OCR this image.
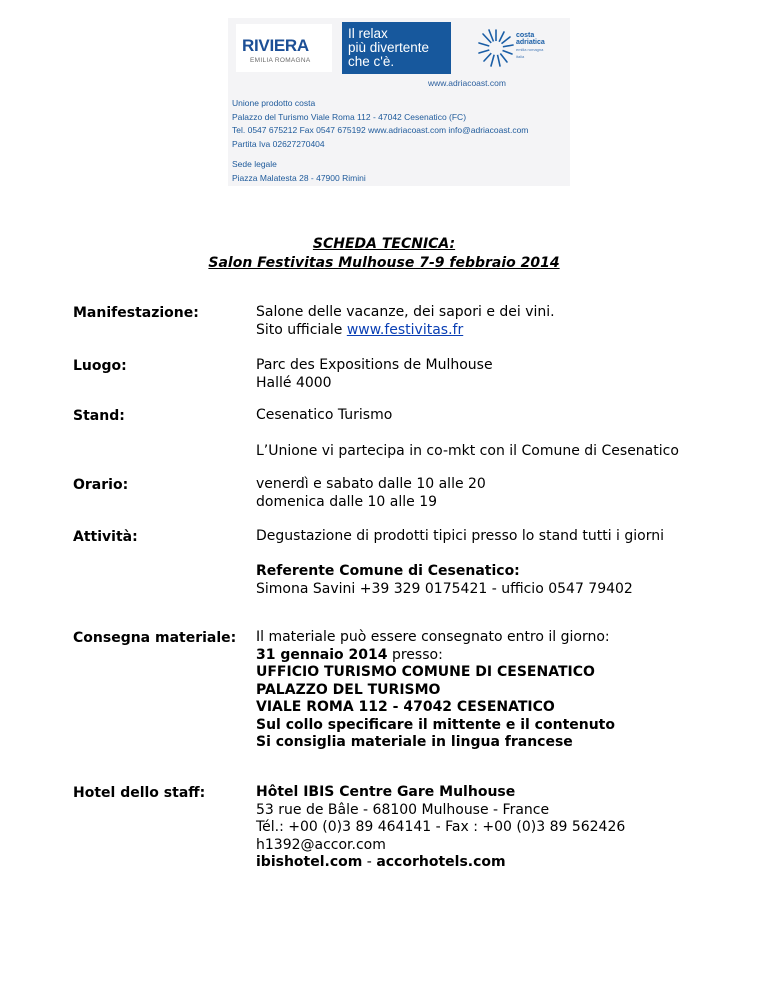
RIVIERA
EMILIA ROMAGNA
Il relax
più divertente
che c'è.
costa
adriatica
emilia romagna italia
www.adriacoast.com
Unione prodotto costa
Palazzo del Turismo Viale Roma 112 - 47042 Cesenatico (FC)
Tel. 0547 675212 Fax 0547 675192 www.adriacoast.com info@adriacoast.com
Partita Iva 02627270404
Sede legale
Piazza Malatesta 28 - 47900 Rimini
SCHEDA TECNICA:
Salon Festivitas Mulhouse 7-9 febbraio 2014
Manifestazione:	Salone delle vacanze, dei sapori e dei vini.
Sito ufficiale www.festivitas.fr
Luogo:	Parc des Expositions de Mulhouse
Hallé 4000
Stand:	Cesenatico Turismo
L’Unione vi partecipa in co-mkt con il Comune di Cesenatico
Orario:	venerdì e sabato dalle 10 alle 20
domenica dalle 10 alle 19
Attività:	Degustazione di prodotti tipici presso lo stand tutti i giorni
Referente Comune di Cesenatico:
Simona Savini +39 329 0175421 - ufficio 0547 79402
Consegna materiale: Il materiale può essere consegnato entro il giorno:
31 gennaio 2014 presso:
UFFICIO TURISMO COMUNE DI CESENATICO
PALAZZO DEL TURISMO
VIALE ROMA 112 - 47042 CESENATICO
Sul collo specificare il mittente e il contenuto
Si consiglia materiale in lingua francese
Hotel dello staff:	Hôtel IBIS Centre Gare Mulhouse
53 rue de Bâle - 68100 Mulhouse - France
Tél.: +00 (0)3 89 464141 - Fax : +00 (0)3 89 562426
h1392@accor.com
ibishotel.com - accorhotels.com
